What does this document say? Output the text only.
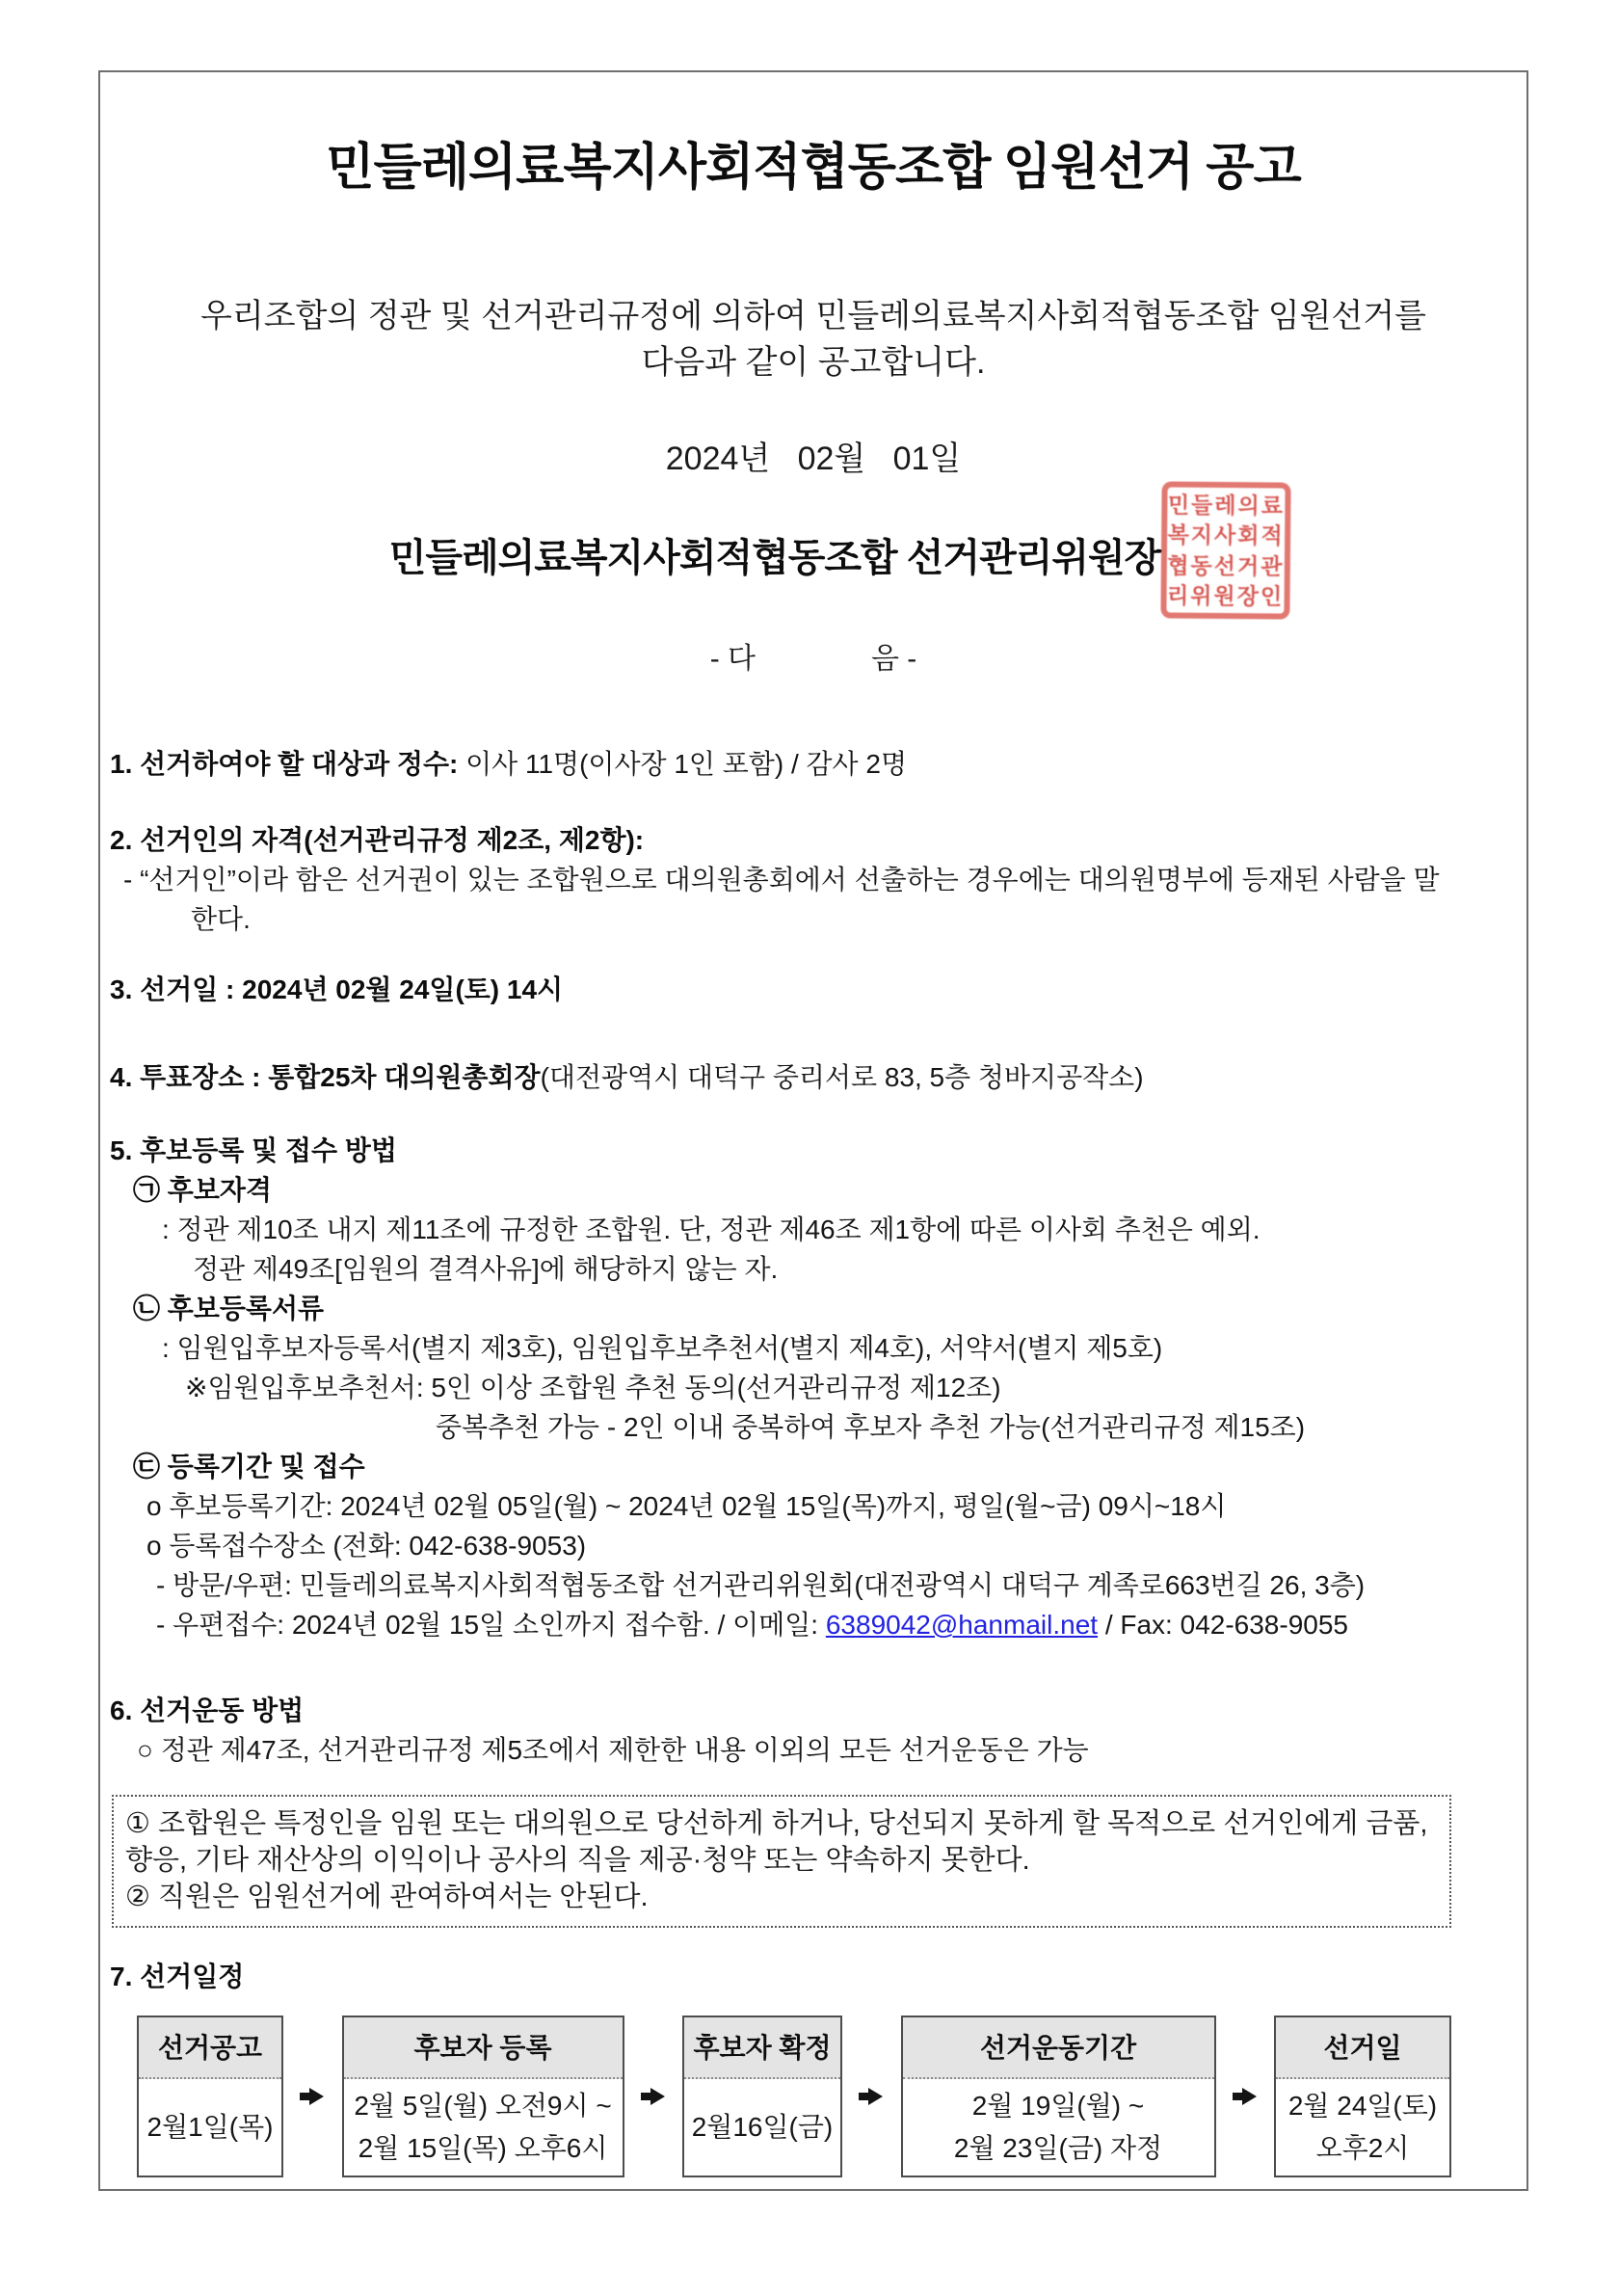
민들레의료복지사회적협동조합 임원선거 공고
우리조합의 정관 및 선거관리규정에 의하여 민들레의료복지사회적협동조합 임원선거를
다음과 같이 공고합니다.
2024년   02월   01일
민들레의료복지사회적협동조합 선거관리위원장
민들레의료
복지사회적
협동선거관
리위원장인
- 다　　　　음 -
1. 선거하여야 할 대상과 정수: 이사 11명(이사장 1인 포함) / 감사 2명
2. 선거인의 자격(선거관리규정 제2조, 제2항):
- “선거인”이라 함은 선거권이 있는 조합원으로 대의원총회에서 선출하는 경우에는 대의원명부에 등재된 사람을 말
한다.
3. 선거일 : 2024년 02월 24일(토) 14시
4. 투표장소 : 통합25차 대의원총회장(대전광역시 대덕구 중리서로 83, 5층 청바지공작소)
5. 후보등록 및 접수 방법
㉠ 후보자격
: 정관 제10조 내지 제11조에 규정한 조합원. 단, 정관 제46조 제1항에 따른 이사회 추천은 예외.
정관 제49조[임원의 결격사유]에 해당하지 않는 자.
㉡ 후보등록서류
: 임원입후보자등록서(별지 제3호), 임원입후보추천서(별지 제4호), 서약서(별지 제5호)
※임원입후보추천서: 5인 이상 조합원 추천 동의(선거관리규정 제12조)
중복추천 가능 - 2인 이내 중복하여 후보자 추천 가능(선거관리규정 제15조)
㉢ 등록기간 및 접수
o 후보등록기간: 2024년 02월 05일(월) ~ 2024년 02월 15일(목)까지, 평일(월~금) 09시~18시
o 등록접수장소 (전화: 042-638-9053)
- 방문/우편: 민들레의료복지사회적협동조합 선거관리위원회(대전광역시 대덕구 계족로663번길 26, 3층)
- 우편접수: 2024년 02월 15일 소인까지 접수함. / 이메일: 6389042@hanmail.net / Fax: 042-638-9055
6. 선거운동 방법
○ 정관 제47조, 선거관리규정 제5조에서 제한한 내용 이외의 모든 선거운동은 가능
① 조합원은 특정인을 임원 또는 대의원으로 당선하게 하거나, 당선되지 못하게 할 목적으로 선거인에게 금품,
향응, 기타 재산상의 이익이나 공사의 직을 제공·청약 또는 약속하지 못한다.
② 직원은 임원선거에 관여하여서는 안된다.
7. 선거일정
선거공고
2월1일(목)
후보자 등록
2월 5일(월) 오전9시 ~
2월 15일(목) 오후6시
후보자 확정
2월16일(금)
선거운동기간
2월 19일(월) ~
2월 23일(금) 자정
선거일
2월 24일(토)
오후2시
